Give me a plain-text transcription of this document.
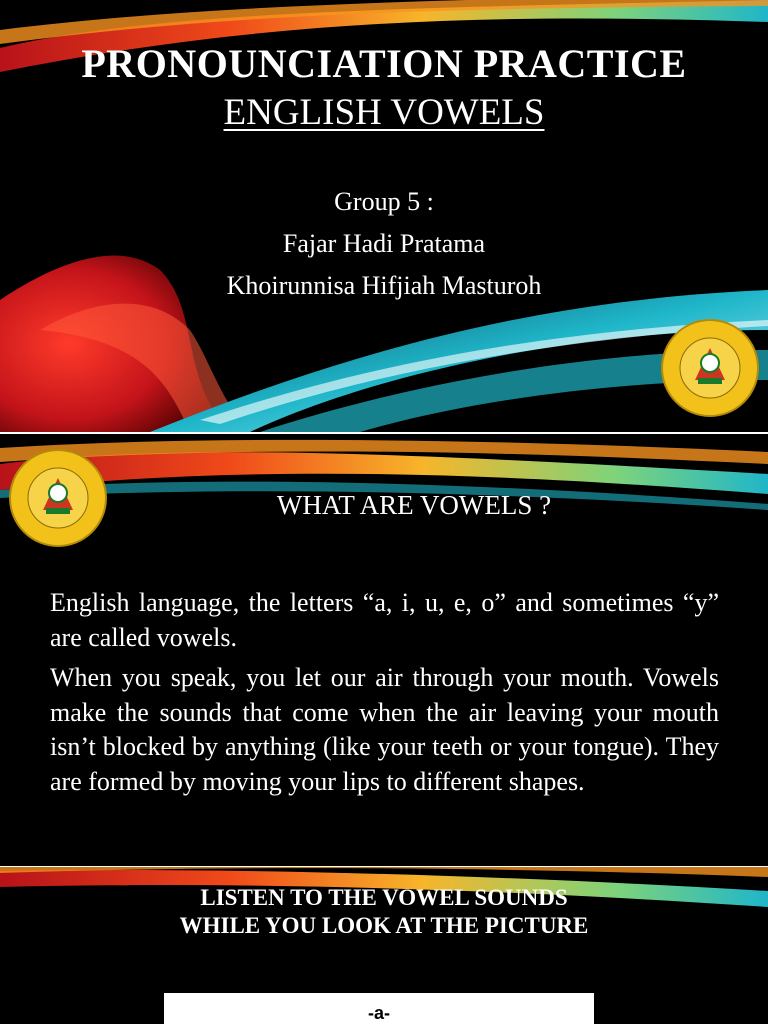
PRONOUNCIATION PRACTICE
ENGLISH VOWELS
Group 5 :
Fajar Hadi Pratama
Khoirunnisa Hifjiah Masturoh
WHAT ARE VOWELS ?

English language, the letters “a, i, u, e, o” and sometimes “y” are called vowels.

When you speak, you let our air through your mouth. Vowels make the sounds that come when the air leaving your mouth isn’t blocked by anything (like your teeth or your tongue). They are formed by moving your lips to different shapes.

LISTEN TO THE VOWEL SOUNDS
WHILE YOU LOOK AT THE PICTURE
-a-
